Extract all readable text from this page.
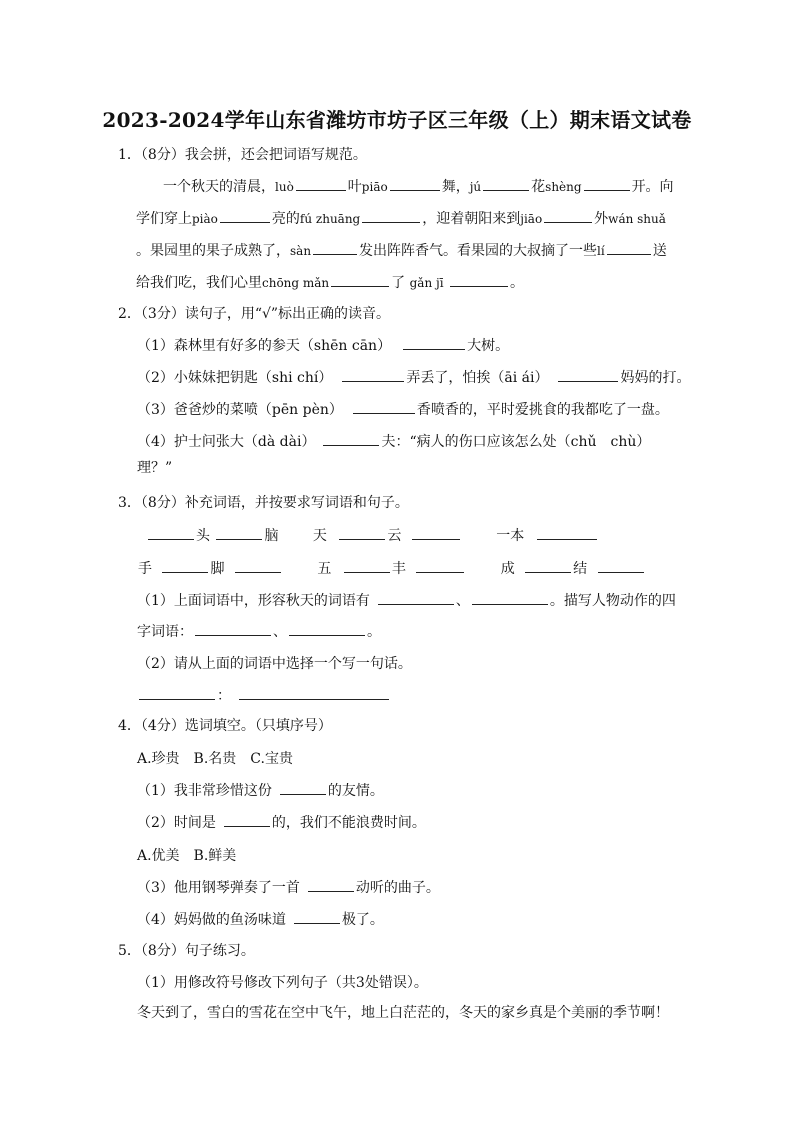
2023-2024学年山东省潍坊市坊子区三年级（上）期末语文试卷
1．（8分）我会拼，还会把词语写规范。
一个秋天的清晨，luò	叶piāo	舞，jú	花shèng	开。向
学们穿上piào	亮的fú zhuāng	，迎着朝阳来到jiāo	外wán shuǎ
。果园里的果子成熟了，sàn	发出阵阵香气。看果园的大叔摘了一些lí	送
给我们吃，我们心里chōng mǎn	了 gǎn jī	。
2．（3分）读句子，用“√”标出正确的读音。
（1）森林里有好多的参天（shēn cān）	大树。
（2）小妹妹把钥匙（shi chí）	弄丢了，怕挨（āi ái）	妈妈的打。
（3）爸爸炒的菜喷（pēn pèn）	香喷香的，平时爱挑食的我都吃了一盘。
（4）护士问张大（dà dài）	夫：“病人的伤口应该怎么处（chǔ　chù）
理？”
3．（8分）补充词语，并按要求写词语和句子。
头	脑 天	云	一本
手	脚	五	丰	成	结
（1）上面词语中，形容秋天的词语有	、	。描写人物动作的四
字词语：	、	。
（2）请从上面的词语中选择一个写一句话。
：
4．（4分）选词填空。（只填序号）
A.珍贵　B.名贵　C.宝贵
（1）我非常珍惜这份	的友情。
（2）时间是	的，我们不能浪费时间。
A.优美　B.鲜美
（3）他用钢琴弹奏了一首	动听的曲子。
（4）妈妈做的鱼汤味道	极了。
5．（8分）句子练习。
（1）用修改符号修改下列句子（共3处错误）。
冬天到了，雪白的雪花在空中飞午，地上白茫茫的，冬天的家乡真是个美丽的季节啊！
